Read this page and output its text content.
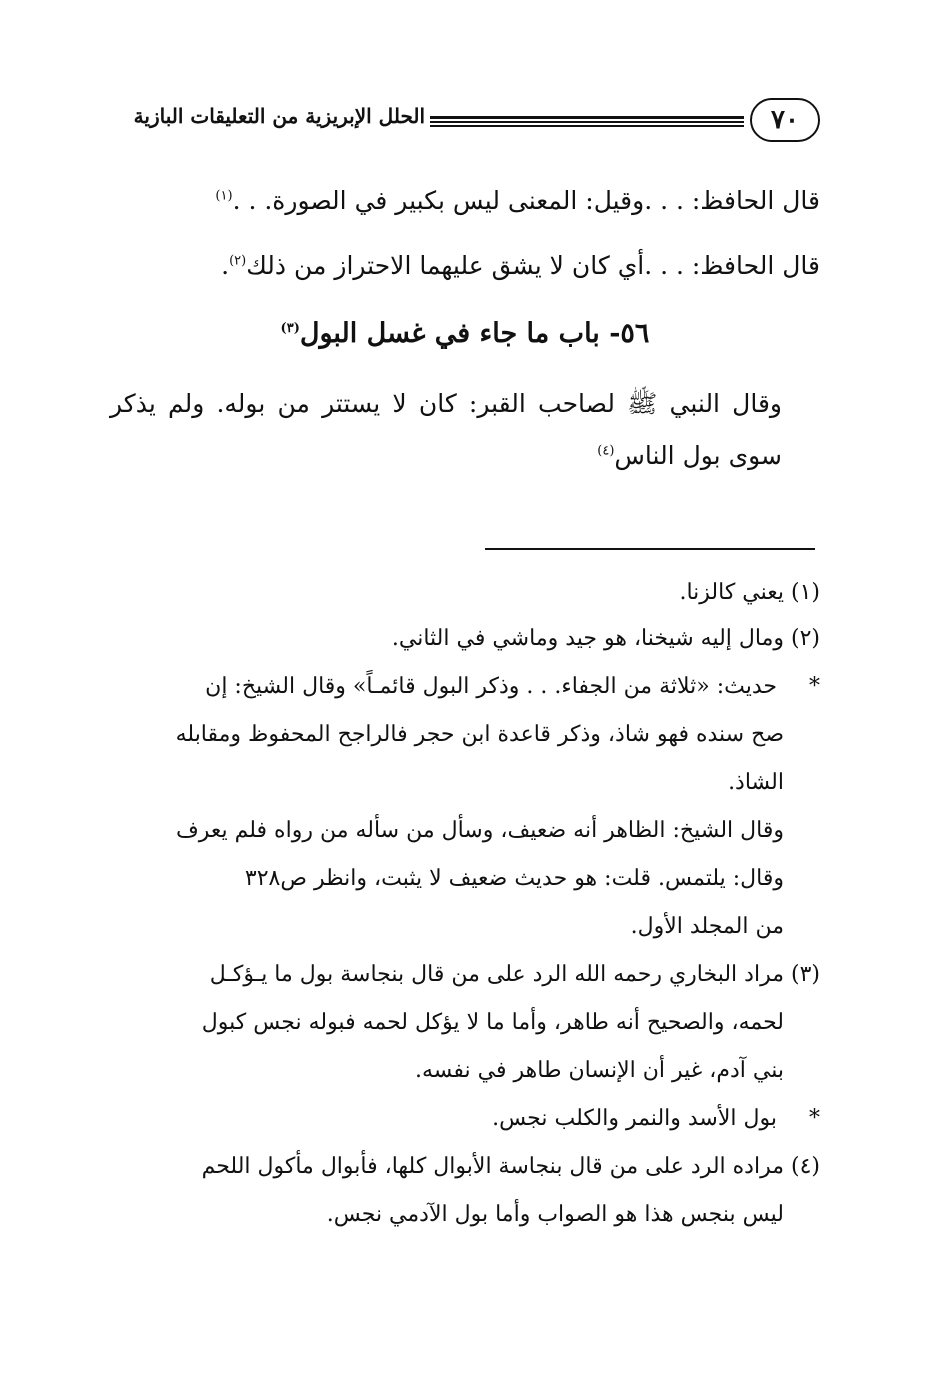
٧٠
الحلل الإبريزية من التعليقات البازية
قال الحافظ: . . .وقيل: المعنى ليس بكبير في الصورة. . .$^{(١)}$
قال الحافظ: . . .أي كان لا يشق عليهما الاحتراز من ذلك$^{(٢)}$.
٥٦- باب ما جاء في غسل البول$^{(٣)}$
وقال النبي ﷺ لصاحب القبر: كان لا يستتر من بوله. ولم يذكر سوى بول الناس$^{(٤)}$
(١) يعني كالزنا.
(٢) ومال إليه شيخنا، هو جيد وماشي في الثاني.
* حديث: «ثلاثة من الجفاء. . . وذكر البول قائمـاً» وقال الشيخ: إن
صح سنده فهو شاذ، وذكر قاعدة ابن حجر فالراجح المحفوظ ومقابله
الشاذ.
وقال الشيخ: الظاهر أنه ضعيف، وسأل من سأله من رواه فلم يعرف
وقال: يلتمس. قلت: هو حديث ضعيف لا يثبت، وانظر ص٣٢٨
من المجلد الأول.
(٣) مراد البخاري رحمه الله الرد على من قال بنجاسة بول ما يـؤكـل
لحمه، والصحيح أنه طاهر، وأما ما لا يؤكل لحمه فبوله نجس كبول
بني آدم، غير أن الإنسان طاهر في نفسه.
* بول الأسد والنمر والكلب نجس.
(٤) مراده الرد على من قال بنجاسة الأبوال كلها، فأبوال مأكول اللحم
ليس بنجس هذا هو الصواب وأما بول الآدمي نجس.
